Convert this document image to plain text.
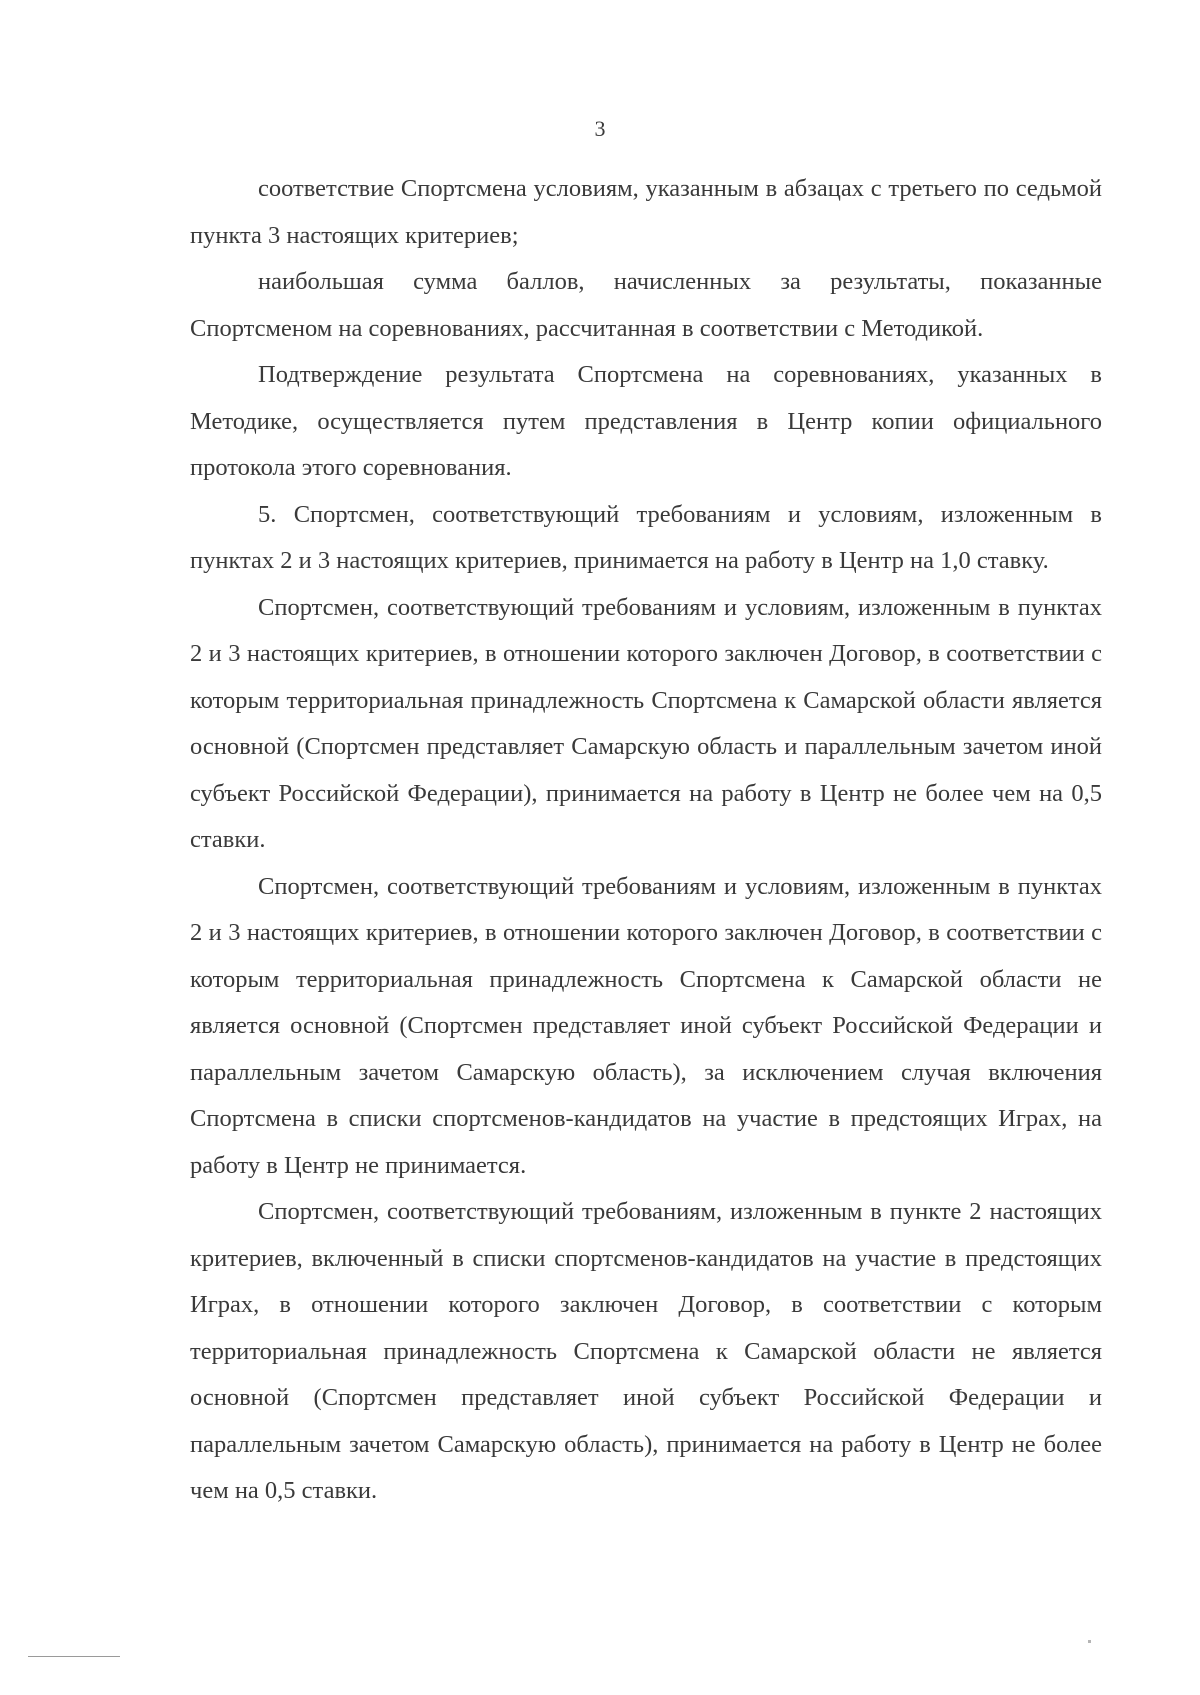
3

соответствие Спортсмена условиям, указанным в абзацах с третьего по седьмой пункта 3 настоящих критериев;

наибольшая сумма баллов, начисленных за результаты, показанные Спортсменом на соревнованиях, рассчитанная в соответствии с Методикой.

Подтверждение результата Спортсмена на соревнованиях, указанных в Методике, осуществляется путем представления в Центр копии официального протокола этого соревнования.

5. Спортсмен, соответствующий требованиям и условиям, изложенным в пунктах 2 и 3 настоящих критериев, принимается на работу в Центр на 1,0 ставку.

Спортсмен, соответствующий требованиям и условиям, изложенным в пунктах 2 и 3 настоящих критериев, в отношении которого заключен Договор, в соответствии с которым территориальная принадлежность Спортсмена к Самарской области является основной (Спортсмен представляет Самарскую область и параллельным зачетом иной субъект Российской Федерации), принимается на работу в Центр не более чем на 0,5 ставки.

Спортсмен, соответствующий требованиям и условиям, изложенным в пунктах 2 и 3 настоящих критериев, в отношении которого заключен Договор, в соответствии с которым территориальная принадлежность Спортсмена к Самарской области не является основной (Спортсмен представляет иной субъект Российской Федерации и параллельным зачетом Самарскую область), за исключением случая включения Спортсмена в списки спортсменов-кандидатов на участие в предстоящих Играх, на работу в Центр не принимается.

Спортсмен, соответствующий требованиям, изложенным в пункте 2 настоящих критериев, включенный в списки спортсменов-кандидатов на участие в предстоящих Играх, в отношении которого заключен Договор, в соответствии с которым территориальная принадлежность Спортсмена к Самарской области не является основной (Спортсмен представляет иной субъект Российской Федерации и параллельным зачетом Самарскую область), принимается на работу в Центр не более чем на 0,5 ставки.
